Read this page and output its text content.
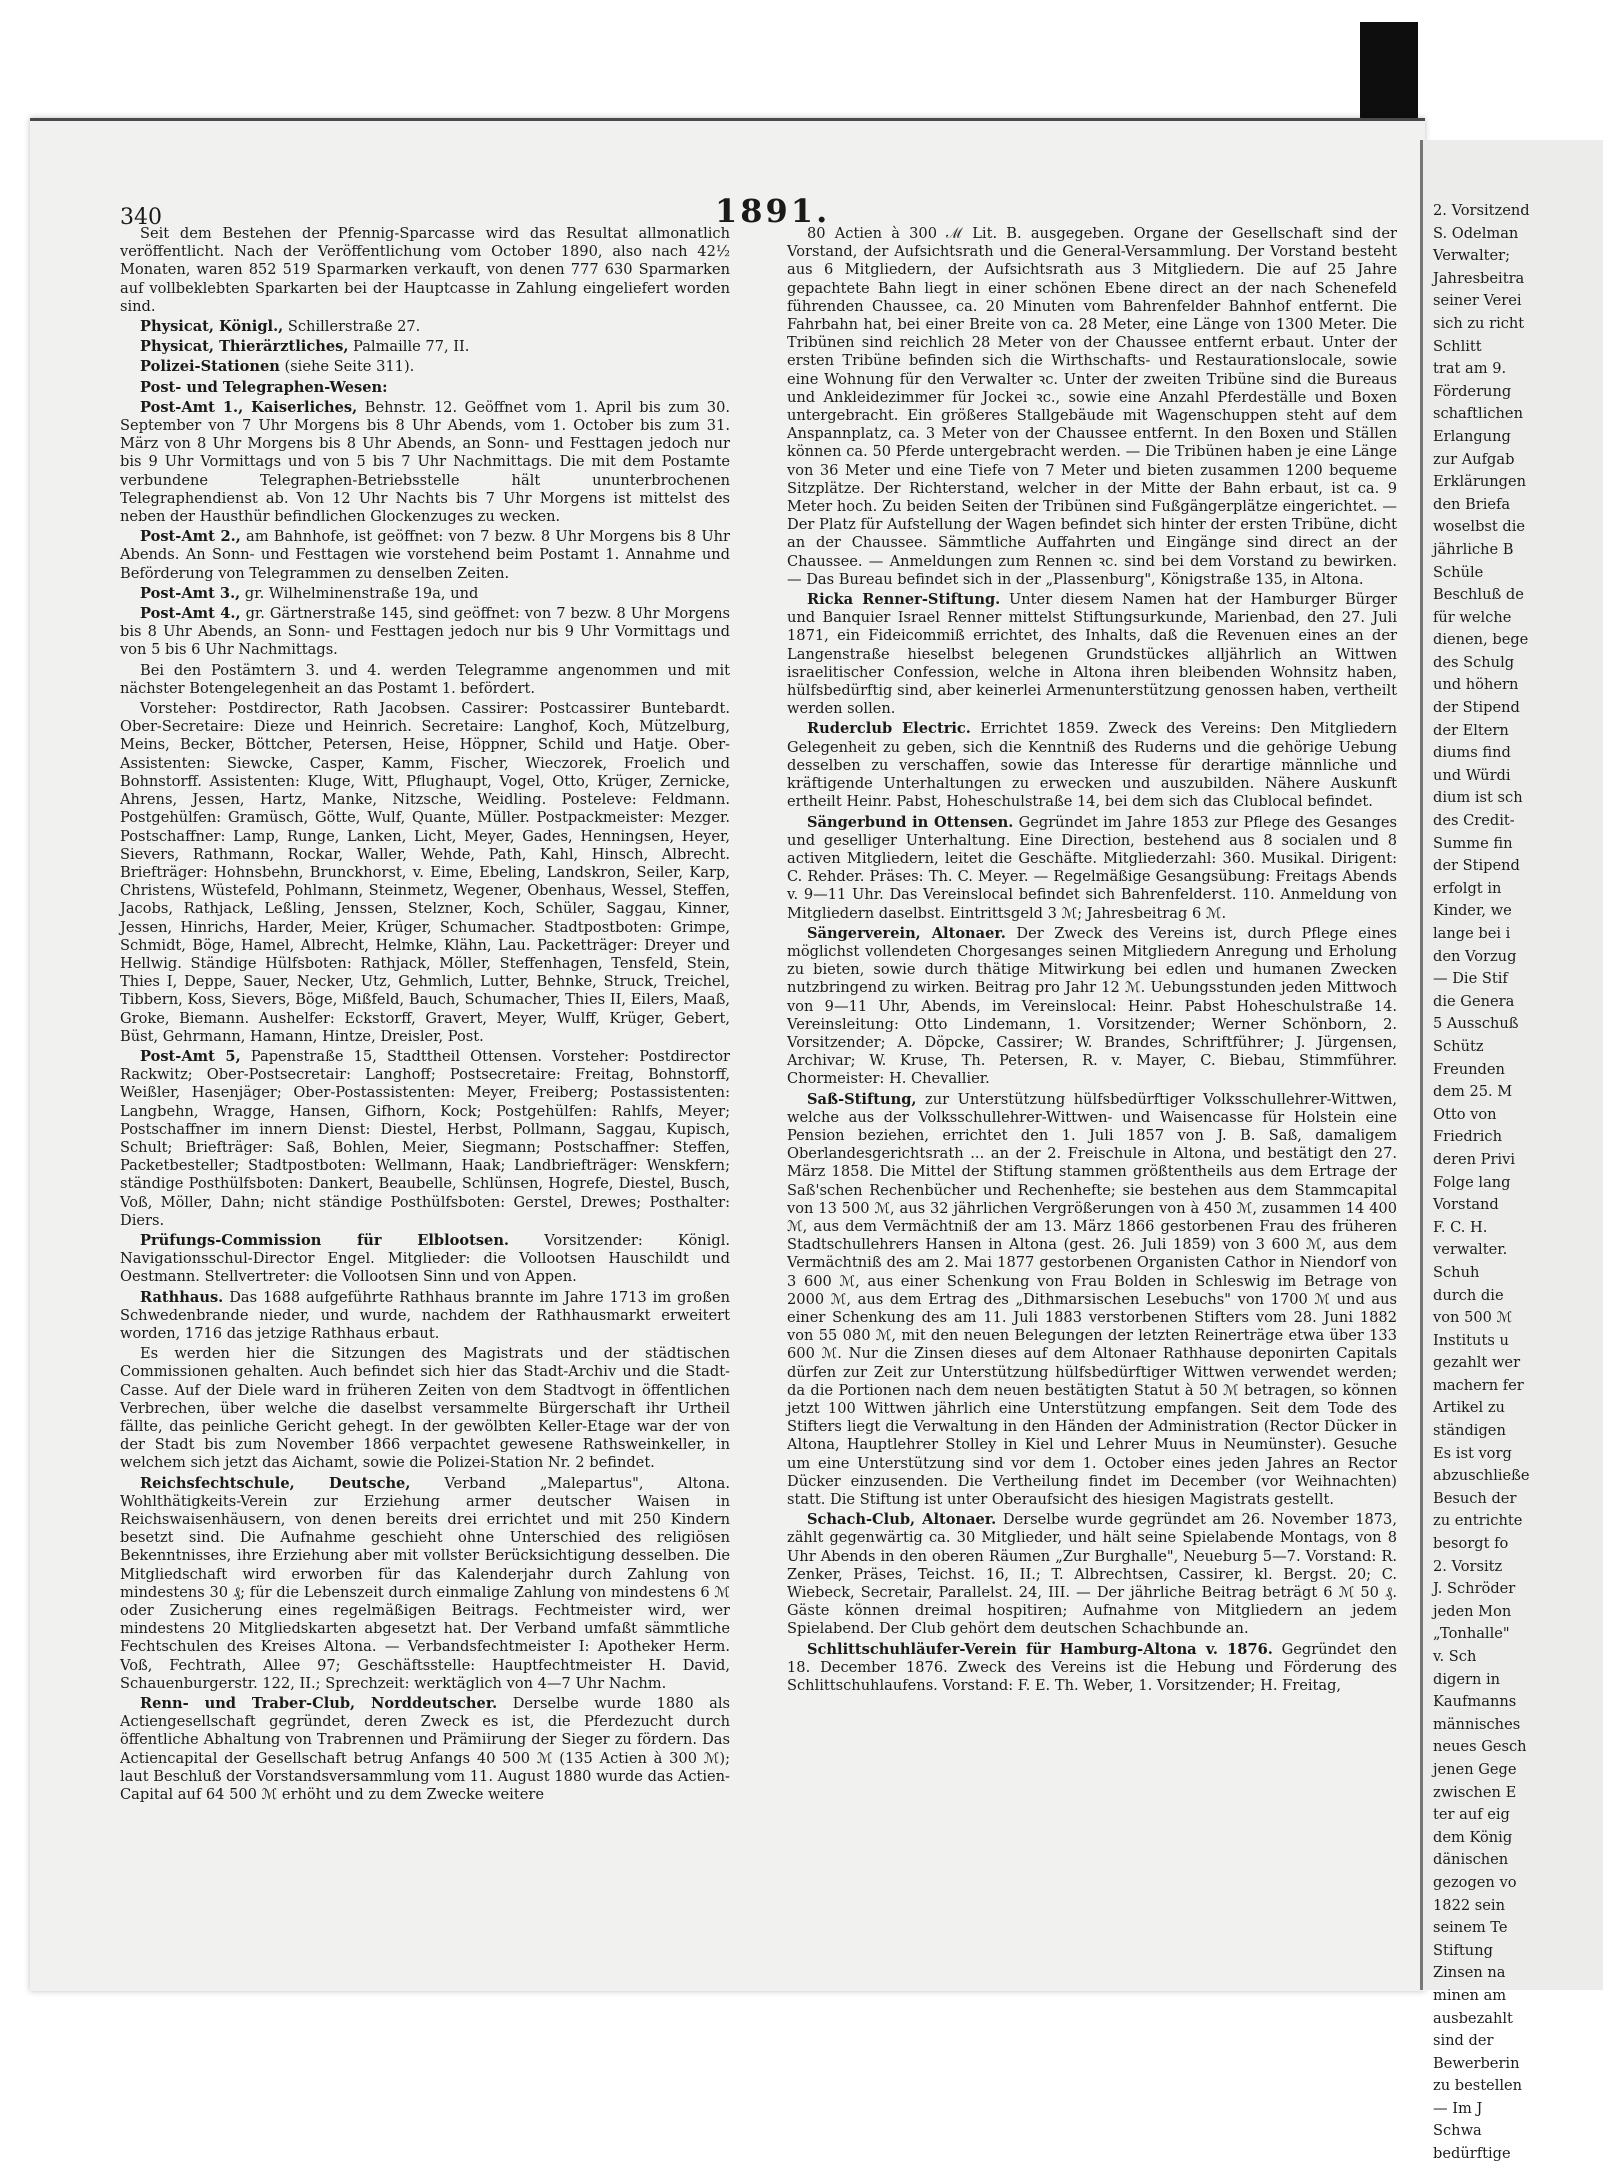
340	1891.

Seit dem Bestehen der Pfennig-Sparcasse wird das Resultat allmonatlich veröffentlicht. Nach der Veröffentlichung vom October 1890, also nach 42½ Monaten, waren 852 519 Sparmarken verkauft, von denen 777 630 Sparmarken auf vollbeklebten Sparkarten bei der Hauptcasse in Zahlung eingeliefert worden sind.

Physicat, Königl., Schillerstraße 27.

Physicat, Thierärztliches, Palmaille 77, II.

Polizei-Stationen (siehe Seite 311).

Post- und Telegraphen-Wesen:

Post-Amt 1., Kaiserliches, Behnstr. 12. Geöffnet vom 1. April bis zum 30. September von 7 Uhr Morgens bis 8 Uhr Abends, vom 1. October bis zum 31. März von 8 Uhr Morgens bis 8 Uhr Abends, an Sonn- und Festtagen jedoch nur bis 9 Uhr Vormittags und von 5 bis 7 Uhr Nachmittags. Die mit dem Postamte verbundene Telegraphen-Betriebsstelle hält ununterbrochenen Telegraphendienst ab. Von 12 Uhr Nachts bis 7 Uhr Morgens ist mittelst des neben der Hausthür befindlichen Glockenzuges zu wecken.

Post-Amt 2., am Bahnhofe, ist geöffnet: von 7 bezw. 8 Uhr Morgens bis 8 Uhr Abends. An Sonn- und Festtagen wie vorstehend beim Postamt 1. Annahme und Beförderung von Telegrammen zu denselben Zeiten.

Post-Amt 3., gr. Wilhelminenstraße 19a, und

Post-Amt 4., gr. Gärtnerstraße 145, sind geöffnet: von 7 bezw. 8 Uhr Morgens bis 8 Uhr Abends, an Sonn- und Festtagen jedoch nur bis 9 Uhr Vormittags und von 5 bis 6 Uhr Nachmittags.

Bei den Postämtern 3. und 4. werden Telegramme angenommen und mit nächster Botengelegenheit an das Postamt 1. befördert.

Vorsteher: Postdirector, Rath Jacobsen. Cassirer: Postcassirer Buntebardt. Ober-Secretaire: Dieze und Heinrich. Secretaire: Langhof, Koch, Mützelburg, Meins, Becker, Böttcher, Petersen, Heise, Höppner, Schild und Hatje. Ober-Assistenten: Siewcke, Casper, Kamm, Fischer, Wieczorek, Froelich und Bohnstorff. Assistenten: Kluge, Witt, Pflughaupt, Vogel, Otto, Krüger, Zernicke, Ahrens, Jessen, Hartz, Manke, Nitzsche, Weidling. Posteleve: Feldmann. Postgehülfen: Gramüsch, Götte, Wulf, Quante, Müller. Postpackmeister: Mezger. Postschaffner: Lamp, Runge, Lanken, Licht, Meyer, Gades, Henningsen, Heyer, Sievers, Rathmann, Rockar, Waller, Wehde, Path, Kahl, Hinsch, Albrecht. Briefträger: Hohnsbehn, Brunckhorst, v. Eime, Ebeling, Landskron, Seiler, Karp, Christens, Wüstefeld, Pohlmann, Steinmetz, Wegener, Obenhaus, Wessel, Steffen, Jacobs, Rathjack, Leßling, Jenssen, Stelzner, Koch, Schüler, Saggau, Kinner, Jessen, Hinrichs, Harder, Meier, Krüger, Schumacher. Stadtpostboten: Grimpe, Schmidt, Böge, Hamel, Albrecht, Helmke, Klähn, Lau. Packetträger: Dreyer und Hellwig. Ständige Hülfsboten: Rathjack, Möller, Steffenhagen, Tensfeld, Stein, Thies I, Deppe, Sauer, Necker, Utz, Gehmlich, Lutter, Behnke, Struck, Treichel, Tibbern, Koss, Sievers, Böge, Mißfeld, Bauch, Schumacher, Thies II, Eilers, Maaß, Groke, Biemann. Aushelfer: Eckstorff, Gravert, Meyer, Wulff, Krüger, Gebert, Büst, Gehrmann, Hamann, Hintze, Dreisler, Post.

Post-Amt 5, Papenstraße 15, Stadttheil Ottensen. Vorsteher: Postdirector Rackwitz; Ober-Postsecretair: Langhoff; Postsecretaire: Freitag, Bohnstorff, Weißler, Hasenjäger; Ober-Postassistenten: Meyer, Freiberg; Postassistenten: Langbehn, Wragge, Hansen, Gifhorn, Kock; Postgehülfen: Rahlfs, Meyer; Postschaffner im innern Dienst: Diestel, Herbst, Pollmann, Saggau, Kupisch, Schult; Briefträger: Saß, Bohlen, Meier, Siegmann; Postschaffner: Steffen, Packetbesteller; Stadtpostboten: Wellmann, Haak; Landbriefträger: Wenskfern; ständige Posthülfsboten: Dankert, Beaubelle, Schlünsen, Hogrefe, Diestel, Busch, Voß, Möller, Dahn; nicht ständige Posthülfsboten: Gerstel, Drewes; Posthalter: Diers.

Prüfungs-Commission für Elblootsen. Vorsitzender: Königl. Navigationsschul-Director Engel. Mitglieder: die Vollootsen Hauschildt und Oestmann. Stellvertreter: die Vollootsen Sinn und von Appen.

Rathhaus. Das 1688 aufgeführte Rathhaus brannte im Jahre 1713 im großen Schwedenbrande nieder, und wurde, nachdem der Rathhausmarkt erweitert worden, 1716 das jetzige Rathhaus erbaut.

Es werden hier die Sitzungen des Magistrats und der städtischen Commissionen gehalten. Auch befindet sich hier das Stadt-Archiv und die Stadt-Casse. Auf der Diele ward in früheren Zeiten von dem Stadtvogt in öffentlichen Verbrechen, über welche die daselbst versammelte Bürgerschaft ihr Urtheil fällte, das peinliche Gericht gehegt. In der gewölbten Keller-Etage war der von der Stadt bis zum November 1866 verpachtet gewesene Rathsweinkeller, in welchem sich jetzt das Aichamt, sowie die Polizei-Station Nr. 2 befindet.

Reichsfechtschule, Deutsche, Verband „Malepartus", Altona. Wohlthätigkeits-Verein zur Erziehung armer deutscher Waisen in Reichswaisenhäusern, von denen bereits drei errichtet und mit 250 Kindern besetzt sind. Die Aufnahme geschieht ohne Unterschied des religiösen Bekenntnisses, ihre Erziehung aber mit vollster Berücksichtigung desselben. Die Mitgliedschaft wird erworben für das Kalenderjahr durch Zahlung von mindestens 30 ₰; für die Lebenszeit durch einmalige Zahlung von mindestens 6 ℳ oder Zusicherung eines regelmäßigen Beitrags. Fechtmeister wird, wer mindestens 20 Mitgliedskarten abgesetzt hat. Der Verband umfaßt sämmtliche Fechtschulen des Kreises Altona. — Verbandsfechtmeister I: Apotheker Herm. Voß, Fechtrath, Allee 97; Geschäftsstelle: Hauptfechtmeister H. David, Schauenburgerstr. 122, II.; Sprechzeit: werktäglich von 4—7 Uhr Nachm.

Renn- und Traber-Club, Norddeutscher. Derselbe wurde 1880 als Actiengesellschaft gegründet, deren Zweck es ist, die Pferdezucht durch öffentliche Abhaltung von Trabrennen und Prämiirung der Sieger zu fördern. Das Actiencapital der Gesellschaft betrug Anfangs 40 500 ℳ (135 Actien à 300 ℳ); laut Beschluß der Vorstandsversammlung vom 11. August 1880 wurde das Actien-Capital auf 64 500 ℳ erhöht und zu dem Zwecke weitere

80 Actien à 300 ℳ Lit. B. ausgegeben. Organe der Gesellschaft sind der Vorstand, der Aufsichtsrath und die General-Versammlung. Der Vorstand besteht aus 6 Mitgliedern, der Aufsichtsrath aus 3 Mitgliedern. Die auf 25 Jahre gepachtete Bahn liegt in einer schönen Ebene direct an der nach Schenefeld führenden Chaussee, ca. 20 Minuten vom Bahrenfelder Bahnhof entfernt. Die Fahrbahn hat, bei einer Breite von ca. 28 Meter, eine Länge von 1300 Meter. Die Tribünen sind reichlich 28 Meter von der Chaussee entfernt erbaut. Unter der ersten Tribüne befinden sich die Wirthschafts- und Restaurationslocale, sowie eine Wohnung für den Verwalter ꝛc. Unter der zweiten Tribüne sind die Bureaus und Ankleidezimmer für Jockei ꝛc., sowie eine Anzahl Pferdeställe und Boxen untergebracht. Ein größeres Stallgebäude mit Wagenschuppen steht auf dem Anspannplatz, ca. 3 Meter von der Chaussee entfernt. In den Boxen und Ställen können ca. 50 Pferde untergebracht werden. — Die Tribünen haben je eine Länge von 36 Meter und eine Tiefe von 7 Meter und bieten zusammen 1200 bequeme Sitzplätze. Der Richterstand, welcher in der Mitte der Bahn erbaut, ist ca. 9 Meter hoch. Zu beiden Seiten der Tribünen sind Fußgängerplätze eingerichtet. — Der Platz für Aufstellung der Wagen befindet sich hinter der ersten Tribüne, dicht an der Chaussee. Sämmtliche Auffahrten und Eingänge sind direct an der Chaussee. — Anmeldungen zum Rennen ꝛc. sind bei dem Vorstand zu bewirken. — Das Bureau befindet sich in der „Plassenburg", Königstraße 135, in Altona.

Ricka Renner-Stiftung. Unter diesem Namen hat der Hamburger Bürger und Banquier Israel Renner mittelst Stiftungsurkunde, Marienbad, den 27. Juli 1871, ein Fideicommiß errichtet, des Inhalts, daß die Revenuen eines an der Langenstraße hieselbst belegenen Grundstückes alljährlich an Wittwen israelitischer Confession, welche in Altona ihren bleibenden Wohnsitz haben, hülfsbedürftig sind, aber keinerlei Armenunterstützung genossen haben, vertheilt werden sollen.

Ruderclub Electric. Errichtet 1859. Zweck des Vereins: Den Mitgliedern Gelegenheit zu geben, sich die Kenntniß des Ruderns und die gehörige Uebung desselben zu verschaffen, sowie das Interesse für derartige männliche und kräftigende Unterhaltungen zu erwecken und auszubilden. Nähere Auskunft ertheilt Heinr. Pabst, Hoheschulstraße 14, bei dem sich das Clublocal befindet.

Sängerbund in Ottensen. Gegründet im Jahre 1853 zur Pflege des Gesanges und geselliger Unterhaltung. Eine Direction, bestehend aus 8 socialen und 8 activen Mitgliedern, leitet die Geschäfte. Mitgliederzahl: 360. Musikal. Dirigent: C. Rehder. Präses: Th. C. Meyer. — Regelmäßige Gesangsübung: Freitags Abends v. 9—11 Uhr. Das Vereinslocal befindet sich Bahrenfelderst. 110. Anmeldung von Mitgliedern daselbst. Eintrittsgeld 3 ℳ; Jahresbeitrag 6 ℳ.

Sängerverein, Altonaer. Der Zweck des Vereins ist, durch Pflege eines möglichst vollendeten Chorgesanges seinen Mitgliedern Anregung und Erholung zu bieten, sowie durch thätige Mitwirkung bei edlen und humanen Zwecken nutzbringend zu wirken. Beitrag pro Jahr 12 ℳ. Uebungsstunden jeden Mittwoch von 9—11 Uhr, Abends, im Vereinslocal: Heinr. Pabst Hoheschulstraße 14. Vereinsleitung: Otto Lindemann, 1. Vorsitzender; Werner Schönborn, 2. Vorsitzender; A. Döpcke, Cassirer; W. Brandes, Schriftführer; J. Jürgensen, Archivar; W. Kruse, Th. Petersen, R. v. Mayer, C. Biebau, Stimmführer. Chormeister: H. Chevallier.

Saß-Stiftung, zur Unterstützung hülfsbedürftiger Volksschullehrer-Wittwen, welche aus der Volksschullehrer-Wittwen- und Waisencasse für Holstein eine Pension beziehen, errichtet den 1. Juli 1857 von J. B. Saß, damaligem Oberlandesgerichtsrath ... an der 2. Freischule in Altona, und bestätigt den 27. März 1858. Die Mittel der Stiftung stammen größtentheils aus dem Ertrage der Saß'schen Rechenbücher und Rechenhefte; sie bestehen aus dem Stammcapital von 13 500 ℳ, aus 32 jährlichen Vergrößerungen von à 450 ℳ, zusammen 14 400 ℳ, aus dem Vermächtniß der am 13. März 1866 gestorbenen Frau des früheren Stadtschullehrers Hansen in Altona (gest. 26. Juli 1859) von 3 600 ℳ, aus dem Vermächtniß des am 2. Mai 1877 gestorbenen Organisten Cathor in Niendorf von 3 600 ℳ, aus einer Schenkung von Frau Bolden in Schleswig im Betrage von 2000 ℳ, aus dem Ertrag des „Dithmarsischen Lesebuchs" von 1700 ℳ und aus einer Schenkung des am 11. Juli 1883 verstorbenen Stifters vom 28. Juni 1882 von 55 080 ℳ, mit den neuen Belegungen der letzten Reinerträge etwa über 133 600 ℳ. Nur die Zinsen dieses auf dem Altonaer Rathhause deponirten Capitals dürfen zur Zeit zur Unterstützung hülfsbedürftiger Wittwen verwendet werden; da die Portionen nach dem neuen bestätigten Statut à 50 ℳ betragen, so können jetzt 100 Wittwen jährlich eine Unterstützung empfangen. Seit dem Tode des Stifters liegt die Verwaltung in den Händen der Administration (Rector Dücker in Altona, Hauptlehrer Stolley in Kiel und Lehrer Muus in Neumünster). Gesuche um eine Unterstützung sind vor dem 1. October eines jeden Jahres an Rector Dücker einzusenden. Die Vertheilung findet im December (vor Weihnachten) statt. Die Stiftung ist unter Oberaufsicht des hiesigen Magistrats gestellt.

Schach-Club, Altonaer. Derselbe wurde gegründet am 26. November 1873, zählt gegenwärtig ca. 30 Mitglieder, und hält seine Spielabende Montags, von 8 Uhr Abends in den oberen Räumen „Zur Burghalle", Neueburg 5—7. Vorstand: R. Zenker, Präses, Teichst. 16, II.; T. Albrechtsen, Cassirer, kl. Bergst. 20; C. Wiebeck, Secretair, Parallelst. 24, III. — Der jährliche Beitrag beträgt 6 ℳ 50 ₰. Gäste können dreimal hospitiren; Aufnahme von Mitgliedern an jedem Spielabend. Der Club gehört dem deutschen Schachbunde an.

Schlittschuhläufer-Verein für Hamburg-Altona v. 1876. Gegründet den 18. December 1876. Zweck des Vereins ist die Hebung und Förderung des Schlittschuhlaufens. Vorstand: F. E. Th. Weber, 1. Vorsitzender; H. Freitag,

2. Vorsitzend
S. Odelman
Verwalter;
Jahresbeitra
seiner Verei
sich zu richt
Schlitt
trat am 9.
Förderung
schaftlichen
Erlangung
zur Aufgab
Erklärungen
den Briefa
woselbst die
jährliche B
Schüle
Beschluß de
für welche
dienen, bege
des Schulg
und höhern
der Stipend
der Eltern
diums find
und Würdi
dium ist sch
des Credit-
Summe fin
der Stipend
erfolgt in
Kinder, we
lange bei i
den Vorzug
— Die Stif
die Genera
5 Ausschuß
Schütz
Freunden
dem 25. M
Otto von
Friedrich
deren Privi
Folge lang
Vorstand
F. C. H.
verwalter.
Schuh
durch die
von 500 ℳ
Instituts u
gezahlt wer
machern fer
Artikel zu
ständigen
Es ist vorg
abzuschließe
Besuch der
zu entrichte
besorgt fo
2. Vorsitz
J. Schröder
jeden Mon
„Tonhalle"
v. Sch
digern in
Kaufmanns
männisches
neues Gesch
jenen Gege
zwischen E
ter auf eig
dem König
dänischen
gezogen vo
1822 sein
seinem Te
Stiftung
Zinsen na
minen am
ausbezahlt
sind der
Bewerberin
zu bestellen
— Im J
Schwa
bedürftige
